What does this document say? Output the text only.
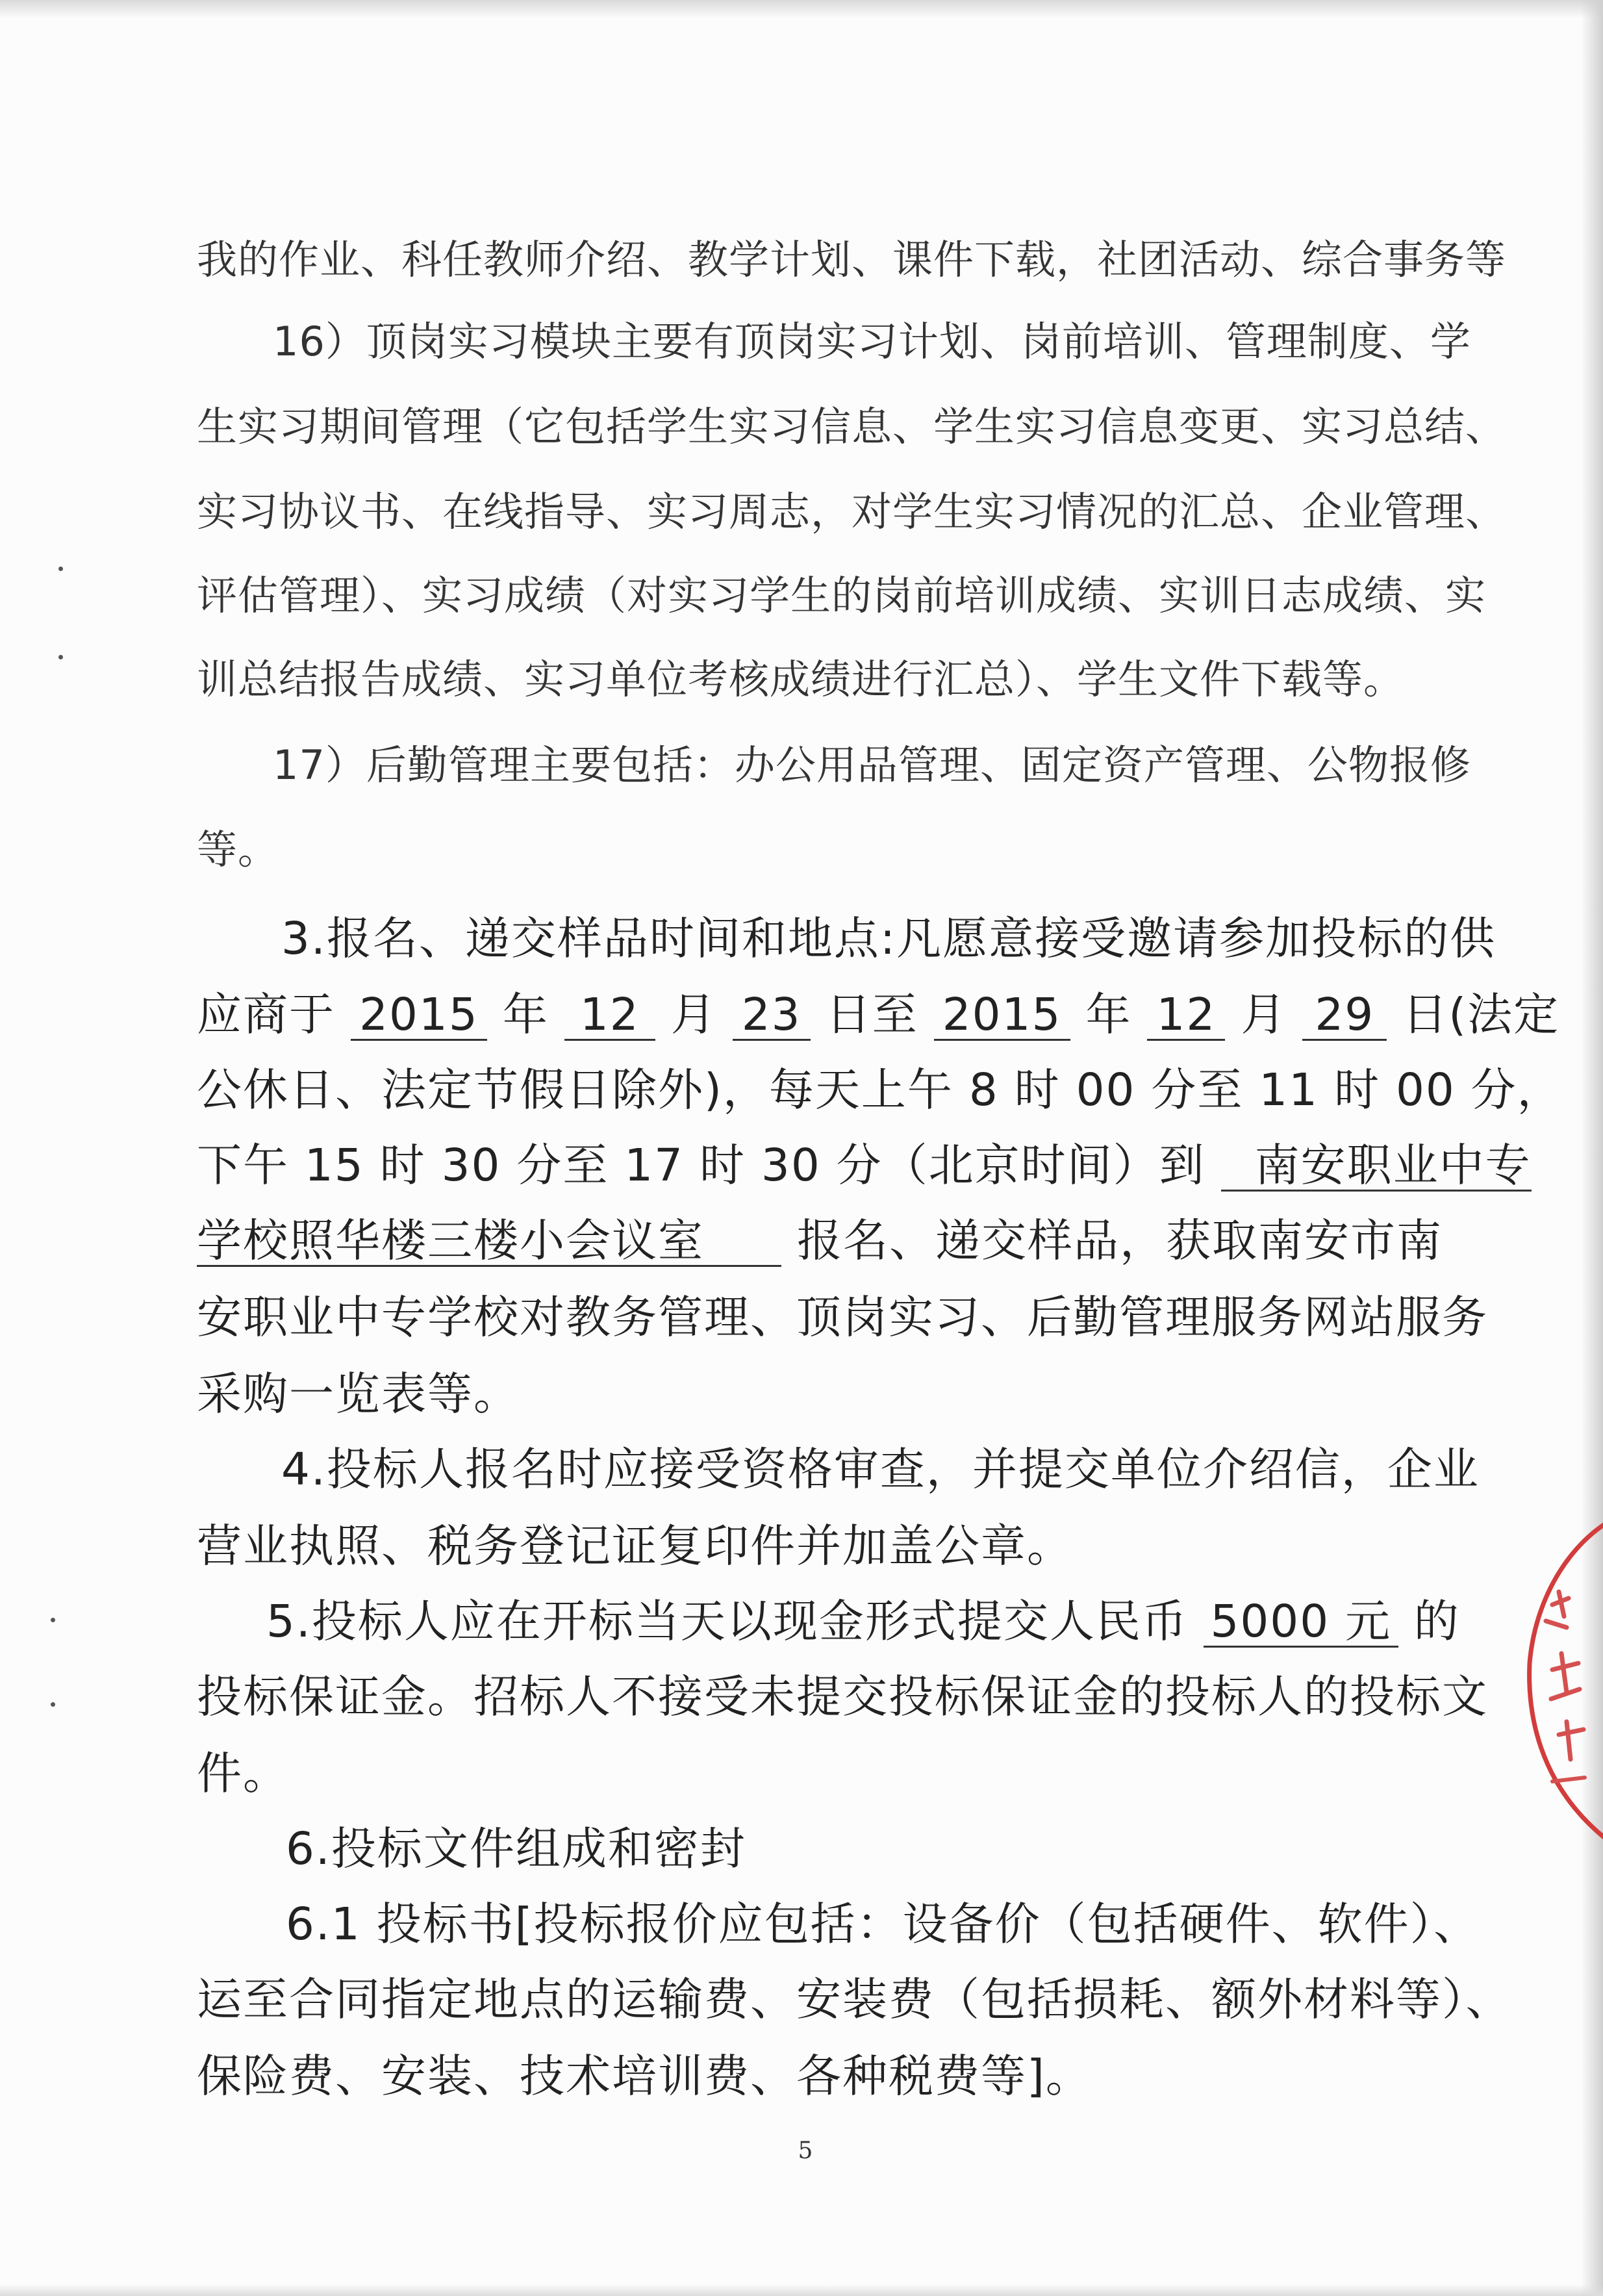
我的作业、科任教师介绍、教学计划、课件下载，社团活动、综合事务等
16）顶岗实习模块主要有顶岗实习计划、岗前培训、管理制度、学
生实习期间管理（它包括学生实习信息、学生实习信息变更、实习总结、
实习协议书、在线指导、实习周志，对学生实习情况的汇总、企业管理、
评估管理）、实习成绩（对实习学生的岗前培训成绩、实训日志成绩、实
训总结报告成绩、实习单位考核成绩进行汇总）、学生文件下载等。
17）后勤管理主要包括：办公用品管理、固定资产管理、公物报修
等。
3.报名、递交样品时间和地点:凡愿意接受邀请参加投标的供
应商于 2015 年 12 月 23 日至 2015 年 12 月 29 日(法定
公休日、法定节假日除外)，每天上午 8 时 00 分至 11 时 00 分，
下午 15 时 30 分至 17 时 30 分（北京时间）到 南安职业中专
学校照华楼三楼小会议室 报名、递交样品，获取南安市南
安职业中专学校对教务管理、顶岗实习、后勤管理服务网站服务
采购一览表等。
4.投标人报名时应接受资格审查，并提交单位介绍信，企业
营业执照、税务登记证复印件并加盖公章。
5.投标人应在开标当天以现金形式提交人民币 5000 元 的
投标保证金。招标人不接受未提交投标保证金的投标人的投标文
件。
6.投标文件组成和密封
6.1 投标书[投标报价应包括：设备价（包括硬件、软件）、
运至合同指定地点的运输费、安装费（包括损耗、额外材料等）、
保险费、安装、技术培训费、各种税费等]。
5
